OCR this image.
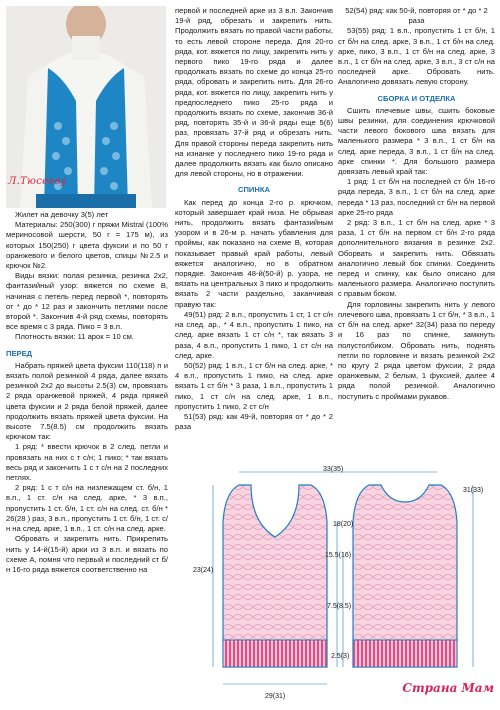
Л.Тюсееву

Жилет на девочку 3(5) лет

Материалы: 250(300) г пряжи Mistral (100% мериносовой шерсти, 50 г = 175 м), из которых 150(250) г цвета фуксии и по 50 г оранжевого и белого цветов, спицы №2.5 и крючок №2.

Виды вязки: полая резинка, резинка 2х2, фантазийный узор: вяжется по схеме В, начиная с петель перед первой *, повторять от * до * 12 раз и закончить петлями после второй *. Закончив 4-й ряд схемы, повторять все время с 3 ряда. Пико = 3 в.п.

Плотность вязки: 11 арок = 10 см.

ПЕРЕД

Набрать пряжей цвета фуксии 110(118) п и вязать полой резинкой 4 ряда, далее вязать резинкой 2х2 до высоты 2.5(3) см, провязать 2 ряда оранжевой пряжей, 4 ряда пряжей цвета фуксии и 2 ряда белой пряжей, далее продолжить вязать пряжей цвета фуксии. На высоте 7.5(8.5) см продолжить вязать крючком так:

1 ряд: * ввести крючок в 2 след. петли и провязать на них с т с/н; 1 пико; * так вязать весь ряд и закончить 1 с т с/н на 2 последних петлях.

2 ряд: 1 с т с/н на низлежащем ст. б/н, 1 в.п., 1 ст. с/н на след. арке, * 3 в.п., пропустить 1 ст. б/н, 1 ст. с/н на след. ст. б/н * 26(28 ) раз, 3 в.п., пропустить 1 ст. б/н, 1 ст. с/н на след. арке, 1 в.п., 1 ст. с/н на след. арке.

Обровать и закрепить нить. Прикрепить нить у 14-й(15-й) арки из 3 в.п. и вязать по схеме А, помня что первый и последний ст б/н 16-го ряда вяжется соответственно на

первой и последней арке из 3 в.п. Закончив 19-й ряд, обрезать и закрепить нить. Продолжить вязать по правой части работы, то есть левой стороне переда. Для 20-го ряда, кот. вяжется по лицу, закрепить нить у первого пико 19-го ряда и далее продолжать вязать по схеме до конца 25-го ряда, обровать и закрепить нить. Для 26-го ряда, кот. вяжется по лицу, закрепить нить у предпоследнего пико 25-го ряда и продолжить вязать по схеме, закончив 36-й ряд, повторять 35-й и 36-й ряды еще 5(6) раз, провязать 37-й ряд и обрезать нить. Для правой стороны переда закрепить нить на изнанке у последнего пико 19-го ряда и далее продолжить вязать как было описано для левой стороны, но в отражении.

СПИНКА

Как перед до конца 2-го р. крючком, который завершает край низа. Не обрывая нить, продолжить вязать фантазийным узором и в 26-м р. начать убавления для проймы, как показано на схеме В, которая показывает правый край работы, левый вяжется аналогично, но в обратном порядке. Закончив 48-й(50-й) р. узора, не вязать на центральных 3 пико и продолжить вязать 2 части раздельно, заканчивая правую так:

49(51) ряд: 2 в.п., пропустить 1 ст, 1 ст с/н на след. ар., * 4 в.п., пропустить 1 пико, на след. арке вязать 1 ст с/н *, так вязать 3 раза, 4 в.п., пропустить 1 пико, 1 ст с/н на след. арке.

50(52) ряд: 1 в.п., 1 ст б/н на след. арке, * 4 в.п., пропустить 1 пико, на след. арке вязать 1 ст б/н * 3 раза, 1 в.п., пропустить 1 пико, 1 ст с/н на след. арке, 1 в.п., пропустить 1 пико, 2 ст с/н

51(53) ряд: как 49-й, повторяя от * до * 2 раза

52(54) ряд: как 50-й, повторяя от * до * 2 раза

53(55) ряд: 1 в.п., пропустить 1 ст б/н, 1 ст б/н на след. арке, 3 в.п., 1 ст б/н на след. арке, пико, 3 в.п., 1 ст б/н на след. арке, 3 в.п., 1 ст б/н на след. арке, 3 в.п., 3 ст с/н на последней арке. Обровать нить. Аналогично довязать левую сторону.

СБОРКА И ОТДЕЛКА

Сшить плечевые швы, сшить боковые швы резинки, для соединения крючковой части левого бокового шва вязать для маленького размера * 3 в.п., 1 ст б/н на след. арке переда, 3 в.п., 1 ст б/н на след. арке спинки *. Для большого размера довязать левый край так:

1 ряд: 1 ст б/н на последней ст б/н 16-го ряда переда, 3 в.п., 1 ст б/н на след. арке переда * 13 раз, последний ст б/н на первой арке 25-го ряда

2 ряд: 3 в.п., 1 ст б/н на след. арке * 3 раза, 1 ст б/н на первом ст б/н 2-го ряда дополнительного вязания в резинке 2х2. Оборвать и закрепить нить. Обвязать аналогично левый бок спинки. Соединить перед и спинку, как было описано для маленького размера. Аналогично поступить с правым боком.

Для горловины закрепить нить у левого плечевого шва, провязать 1 ст б/н, * 3 в.п., 1 ст б/н на след. арке* 32(34) раза по переду и 16 раз по спинке, замкнуть полустолбиком. Обровать нить, поднять петли по горловине и вязать резинкой 2х2 по кругу 2 ряда цветом фуксии, 2 ряда оранжевым, 2 белым, 1 фуксией, далее 4 ряда полой резинкой. Аналогично поступить с проймами рукавов.

23(24)
33(35)
31(33)
18(20)
15.5(16)
7.5(8.5)
2.5(3)
29(31)
Страна Мам
